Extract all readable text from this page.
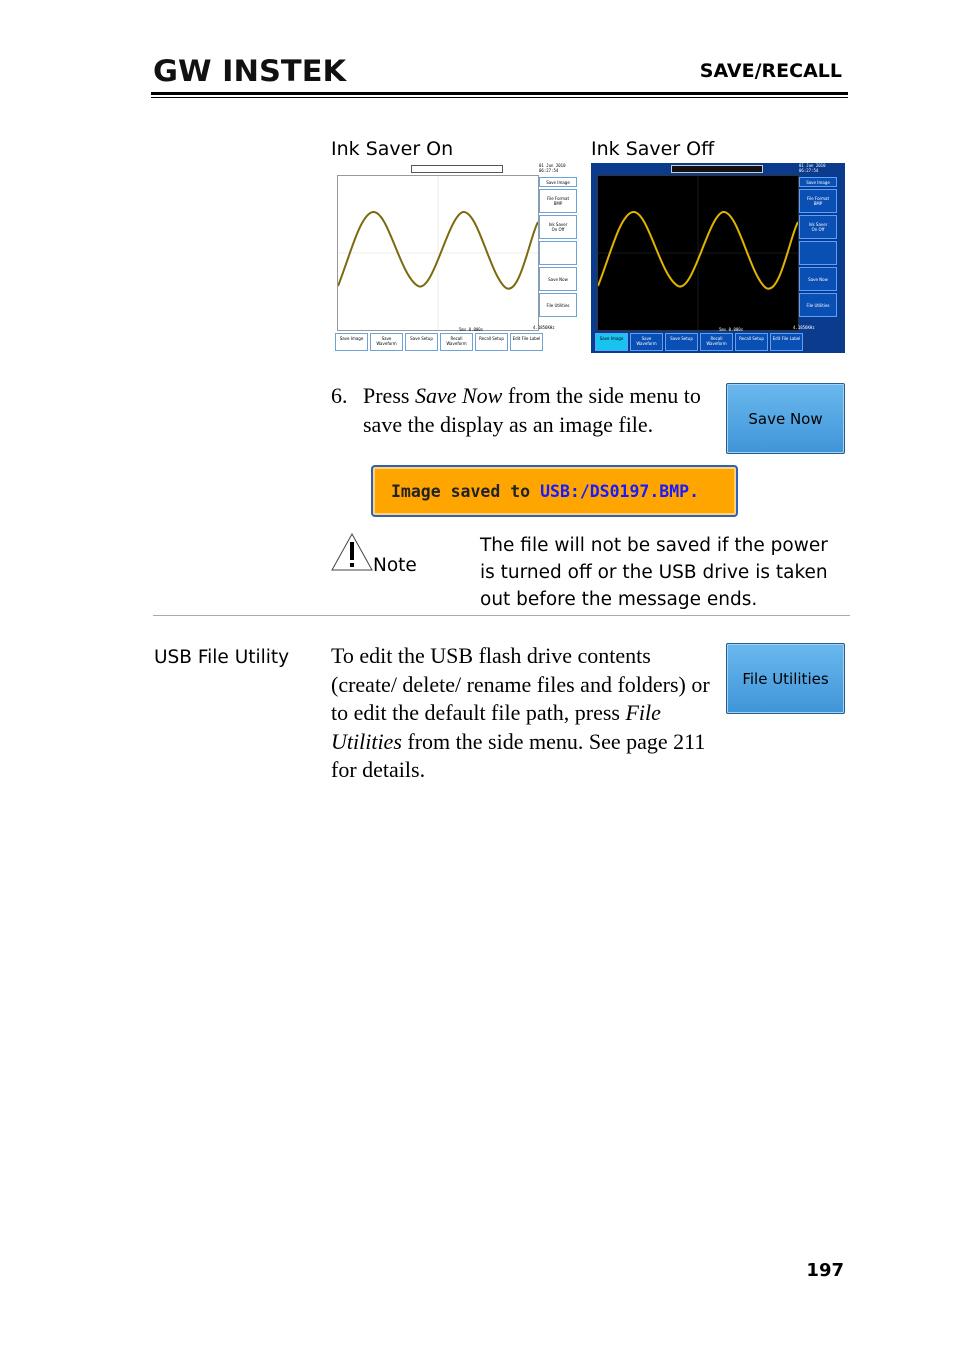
GW INSTEK	SAVE/RECALL
Ink Saver On	Ink Saver Off
01 Jun 2010
06:27:54
Save Image
File Format
BMP
Ink Saver
On Off
Save Now
File Utilities
5ms 0.000s	4.1856KHz
Save Image	Save Waveform
Save Setup	Recall Waveform
Recall Setup	Edit File Label
01 Jun 2010
06:27:54
Save Image
File Format
BMP
Ink Saver
On Off
Save Now
File Utilities
5ms 0.000s	4.1856KHz
Save Image	Save Waveform
Save Setup	Recall Waveform
Recall Setup	Edit File Label
6. Press Save Now from the side menu to save the display as an image file.	Save Now
Image saved to USB:/DS0197.BMP.
Note
The file will not be saved if the power is turned off or the USB drive is taken out before the message ends.
USB File Utility To edit the USB flash drive contents (create/ delete/ rename files and folders) or to edit the default file path, press File Utilities from the side menu. See page 211 for details.
File Utilities
197
